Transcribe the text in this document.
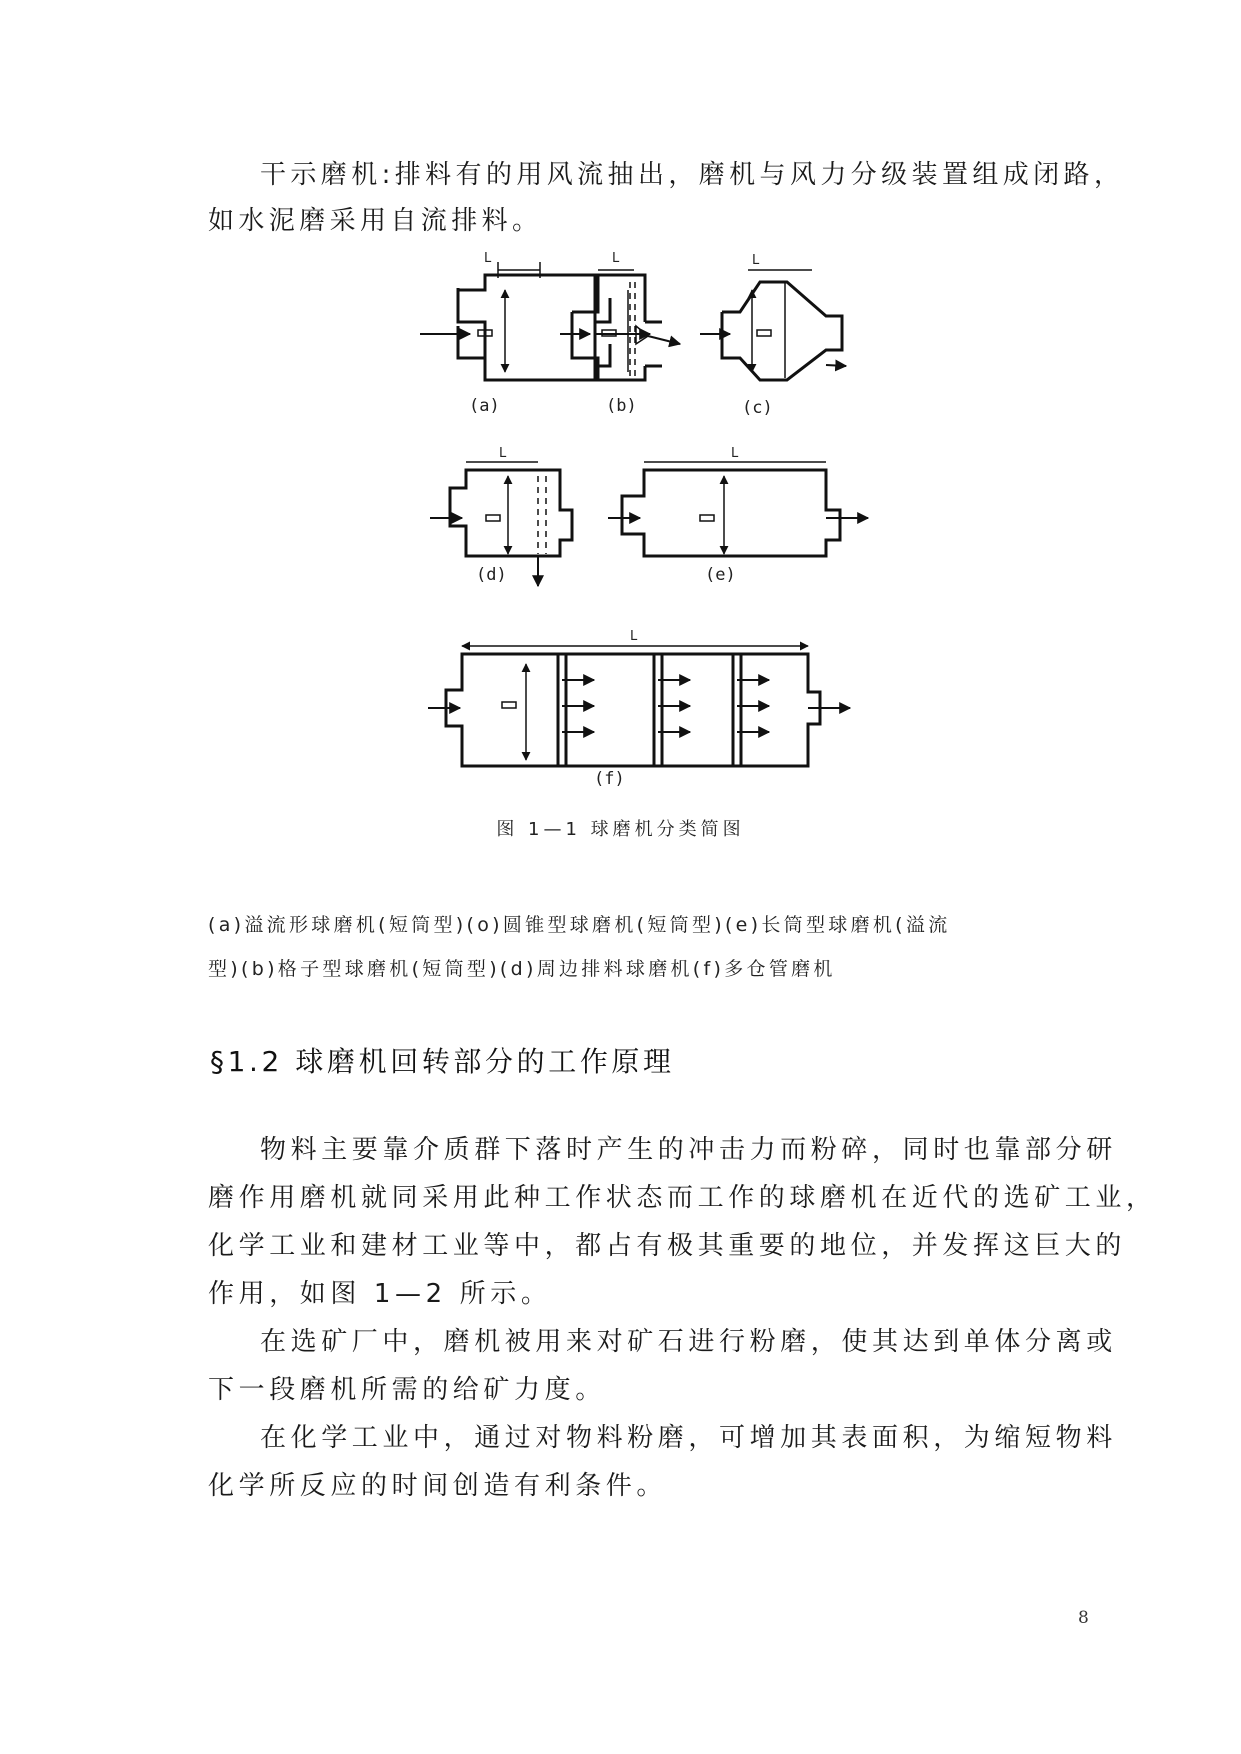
干示磨机:排料有的用风流抽出，磨机与风力分级装置组成闭路，

如水泥磨采用自流排料。

L	L	L
L	L
L
(a)	(b)	(c)
(d)	(e)
(f)
图 1—1 球磨机分类简图
(a)溢流形球磨机(短筒型)(o)圆锥型球磨机(短筒型)(e)长筒型球磨机(溢流
型)(b)格子型球磨机(短筒型)(d)周边排料球磨机(f)多仓管磨机
§1.2 球磨机回转部分的工作原理

物料主要靠介质群下落时产生的冲击力而粉碎，同时也靠部分研

磨作用磨机就同采用此种工作状态而工作的球磨机在近代的选矿工业，

化学工业和建材工业等中，都占有极其重要的地位，并发挥这巨大的

作用，如图 1—2 所示。

在选矿厂中，磨机被用来对矿石进行粉磨，使其达到单体分离或

下一段磨机所需的给矿力度。

在化学工业中，通过对物料粉磨，可增加其表面积，为缩短物料

化学所反应的时间创造有利条件。

8
